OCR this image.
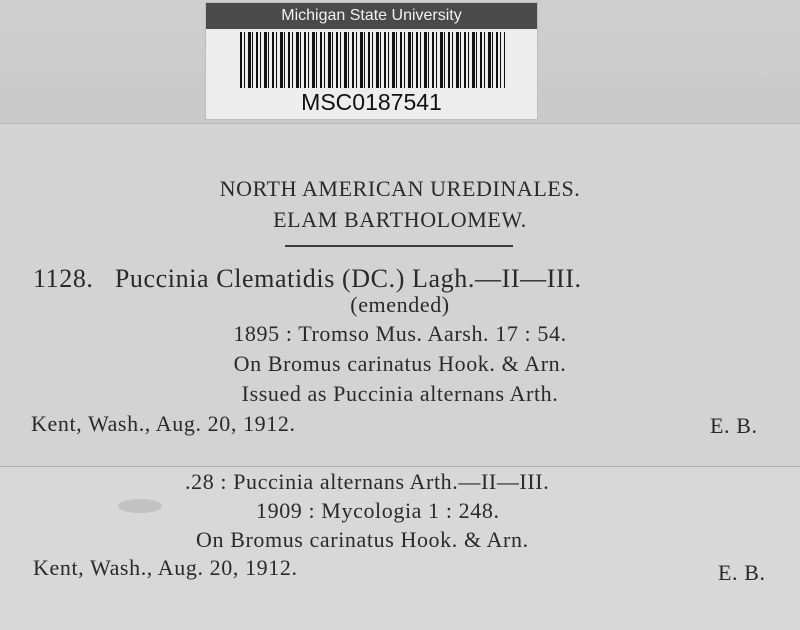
Michigan State University
MSC0187541
NORTH AMERICAN UREDINALES.
ELAM BARTHOLOMEW.
1128.   Puccinia Clematidis (DC.) Lagh.—II—III.
(emended)
1895 : Tromso Mus. Aarsh. 17 : 54.
On Bromus carinatus Hook. & Arn.
Issued as Puccinia alternans Arth.
Kent, Wash., Aug. 20, 1912.	E. B.
.28 : Puccinia alternans Arth.—II—III.
1909 : Mycologia 1 : 248.
On Bromus carinatus Hook. & Arn.
Kent, Wash., Aug. 20, 1912.	E. B.
